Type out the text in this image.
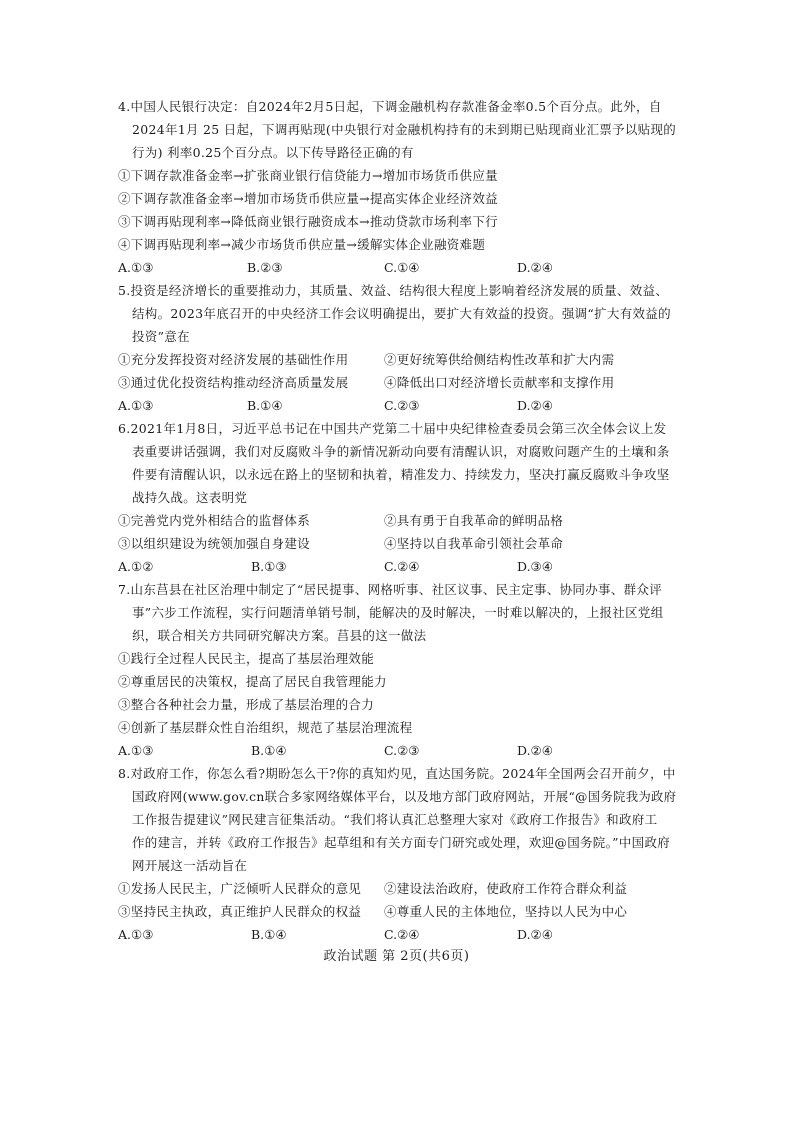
4.中国人民银行决定：自2024年2月5日起，下调金融机构存款准备金率0.5个百分点。此外，自
2024年1月 25 日起，下调再贴现(中央银行对金融机构持有的未到期已贴现商业汇票予以贴现的
行为) 利率0.25个百分点。以下传导路径正确的有
①下调存款准备金率→扩张商业银行信贷能力→增加市场货币供应量
②下调存款准备金率→增加市场货币供应量→提高实体企业经济效益
③下调再贴现利率→降低商业银行融资成本→推动贷款市场利率下行
④下调再贴现利率→减少市场货币供应量→缓解实体企业融资难题
A.①③	B.②③	C.①④	D.②④
5.投资是经济增长的重要推动力，其质量、效益、结构很大程度上影响着经济发展的质量、效益、
结构。2023年底召开的中央经济工作会议明确提出，要扩大有效益的投资。强调“扩大有效益的
投资”意在
①充分发挥投资对经济发展的基础性作用	②更好统筹供给侧结构性改革和扩大内需
③通过优化投资结构推动经济高质量发展	④降低出口对经济增长贡献率和支撑作用
A.①③	B.①④	C.②③	D.②④
6.2021年1月8日，习近平总书记在中国共产党第二十届中央纪律检查委员会第三次全体会议上发
表重要讲话强调，我们对反腐败斗争的新情况新动向要有清醒认识，对腐败问题产生的土壤和条
件要有清醒认识，以永远在路上的坚韧和执着，精准发力、持续发力，坚决打赢反腐败斗争攻坚
战持久战。这表明党
①完善党内党外相结合的监督体系	②具有勇于自我革命的鲜明品格
③以组织建设为统领加强自身建设	④坚持以自我革命引领社会革命
A.①②	B.①③	C.②④	D.③④
7.山东莒县在社区治理中制定了“居民提事、网格听事、社区议事、民主定事、协同办事、群众评
事”六步工作流程，实行问题清单销号制，能解决的及时解决，一时难以解决的，上报社区党组
织，联合相关方共同研究解决方案。莒县的这一做法
①践行全过程人民民主，提高了基层治理效能
②尊重居民的决策权，提高了居民自我管理能力
③整合各种社会力量，形成了基层治理的合力
④创新了基层群众性自治组织，规范了基层治理流程
A.①③	B.①④	C.②③	D.②④
8.对政府工作，你怎么看?期盼怎么干?你的真知灼见，直达国务院。2024年全国两会召开前夕，中
国政府网(www.gov.cn联合多家网络媒体平台，以及地方部门政府网站，开展“@国务院我为政府
工作报告提建议”网民建言征集活动。“我们将认真汇总整理大家对《政府工作报告》和政府工
作的建言，并转《政府工作报告》起草组和有关方面专门研究或处理，欢迎@国务院。”中国政府
网开展这一活动旨在
①发扬人民民主，广泛倾听人民群众的意见 ②建设法治政府，使政府工作符合群众利益
③坚持民主执政，真正维护人民群众的权益 ④尊重人民的主体地位，坚持以人民为中心
A.①③	B.①④	C.②④	D.②④
政治试题 第 2页(共6页)
